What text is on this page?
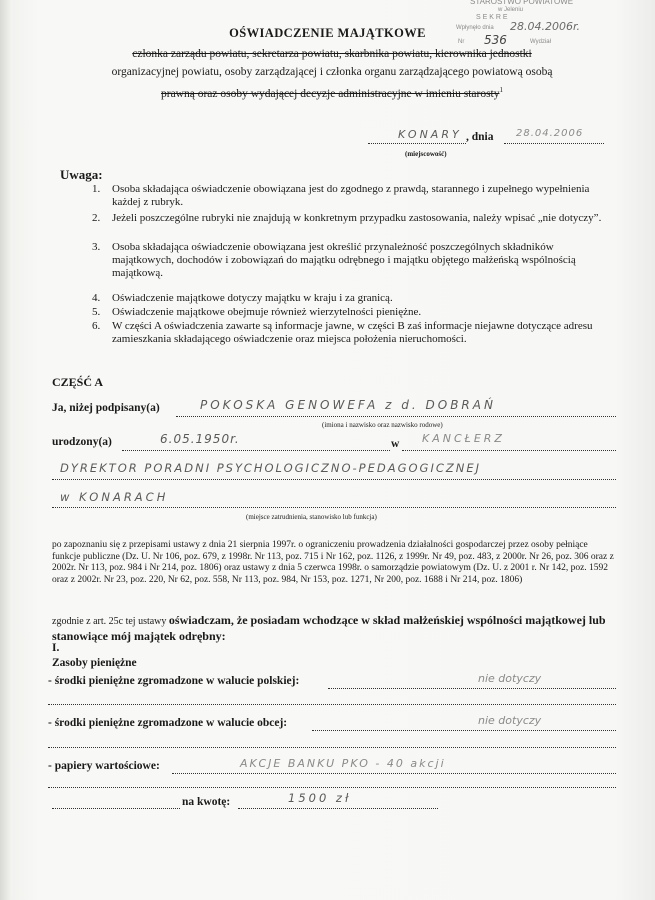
STAROSTWO POWIATOWE
w Jeleniu
S E K R E
Wpłynęło dnia 28.04.2006r.
Nr 536	Wydział
OŚWIADCZENIE MAJĄTKOWE
członka zarządu powiatu, sekretarza powiatu, skarbnika powiatu, kierownika jednostki
organizacyjnej powiatu, osoby zarządzającej i członka organu zarządzającego powiatową osobą
prawną oraz osoby wydającej decyzje administracyjne w imieniu starosty$^1$
KONARY , dnia 28.04.2006
(miejscowość)
Uwaga:
1. Osoba składająca oświadczenie obowiązana jest do zgodnego z prawdą, starannego i zupełnego wypełnienia każdej z rubryk.
2. Jeżeli poszczególne rubryki nie znajdują w konkretnym przypadku zastosowania, należy wpisać „nie dotyczy”.
3. Osoba składająca oświadczenie obowiązana jest określić przynależność poszczególnych składników majątkowych, dochodów i zobowiązań do majątku odrębnego i majątku objętego małżeńską wspólnością majątkową.
4. Oświadczenie majątkowe dotyczy majątku w kraju i za granicą.
5. Oświadczenie majątkowe obejmuje również wierzytelności pieniężne.
6. W części A oświadczenia zawarte są informacje jawne, w części B zaś informacje niejawne dotyczące adresu zamieszkania składającego oświadczenie oraz miejsca położenia nieruchomości.
CZĘŚĆ A
Ja, niżej podpisany(a)	POKOSKA GENOWEFA z d. DOBRAŃ
(imiona i nazwisko oraz nazwisko rodowe)
urodzony(a)	6.05.1950r.	w KANCŁERZ
DYREKTOR PORADNI PSYCHOLOGICZNO-PEDAGOGICZNEJ
w KONARACH
(miejsce zatrudnienia, stanowisko lub funkcja)
po zapoznaniu się z przepisami ustawy z dnia 21 sierpnia 1997r. o ograniczeniu prowadzenia działalności gospodarczej przez osoby pełniące funkcje publiczne (Dz. U. Nr 106, poz. 679, z 1998r. Nr 113, poz. 715 i Nr 162, poz. 1126, z 1999r. Nr 49, poz. 483, z 2000r. Nr 26, poz. 306 oraz z 2002r. Nr 113, poz. 984 i Nr 214, poz. 1806) oraz ustawy z dnia 5 czerwca 1998r. o samorządzie powiatowym (Dz. U. z 2001 r. Nr 142, poz. 1592 oraz z 2002r. Nr 23, poz. 220, Nr 62, poz. 558, Nr 113, poz. 984, Nr 153, poz. 1271, Nr 200, poz. 1688 i Nr 214, poz. 1806)
zgodnie z art. 25c tej ustawy oświadczam, że posiadam wchodzące w skład małżeńskiej wspólności majątkowej lub stanowiące mój majątek odrębny:
I.
Zasoby pieniężne
- środki pieniężne zgromadzone w walucie polskiej:	nie dotyczy
- środki pieniężne zgromadzone w walucie obcej:	nie dotyczy
- papiery wartościowe:	AKCJE BANKU PKO - 40 akcji
na kwotę:	1500 zł
